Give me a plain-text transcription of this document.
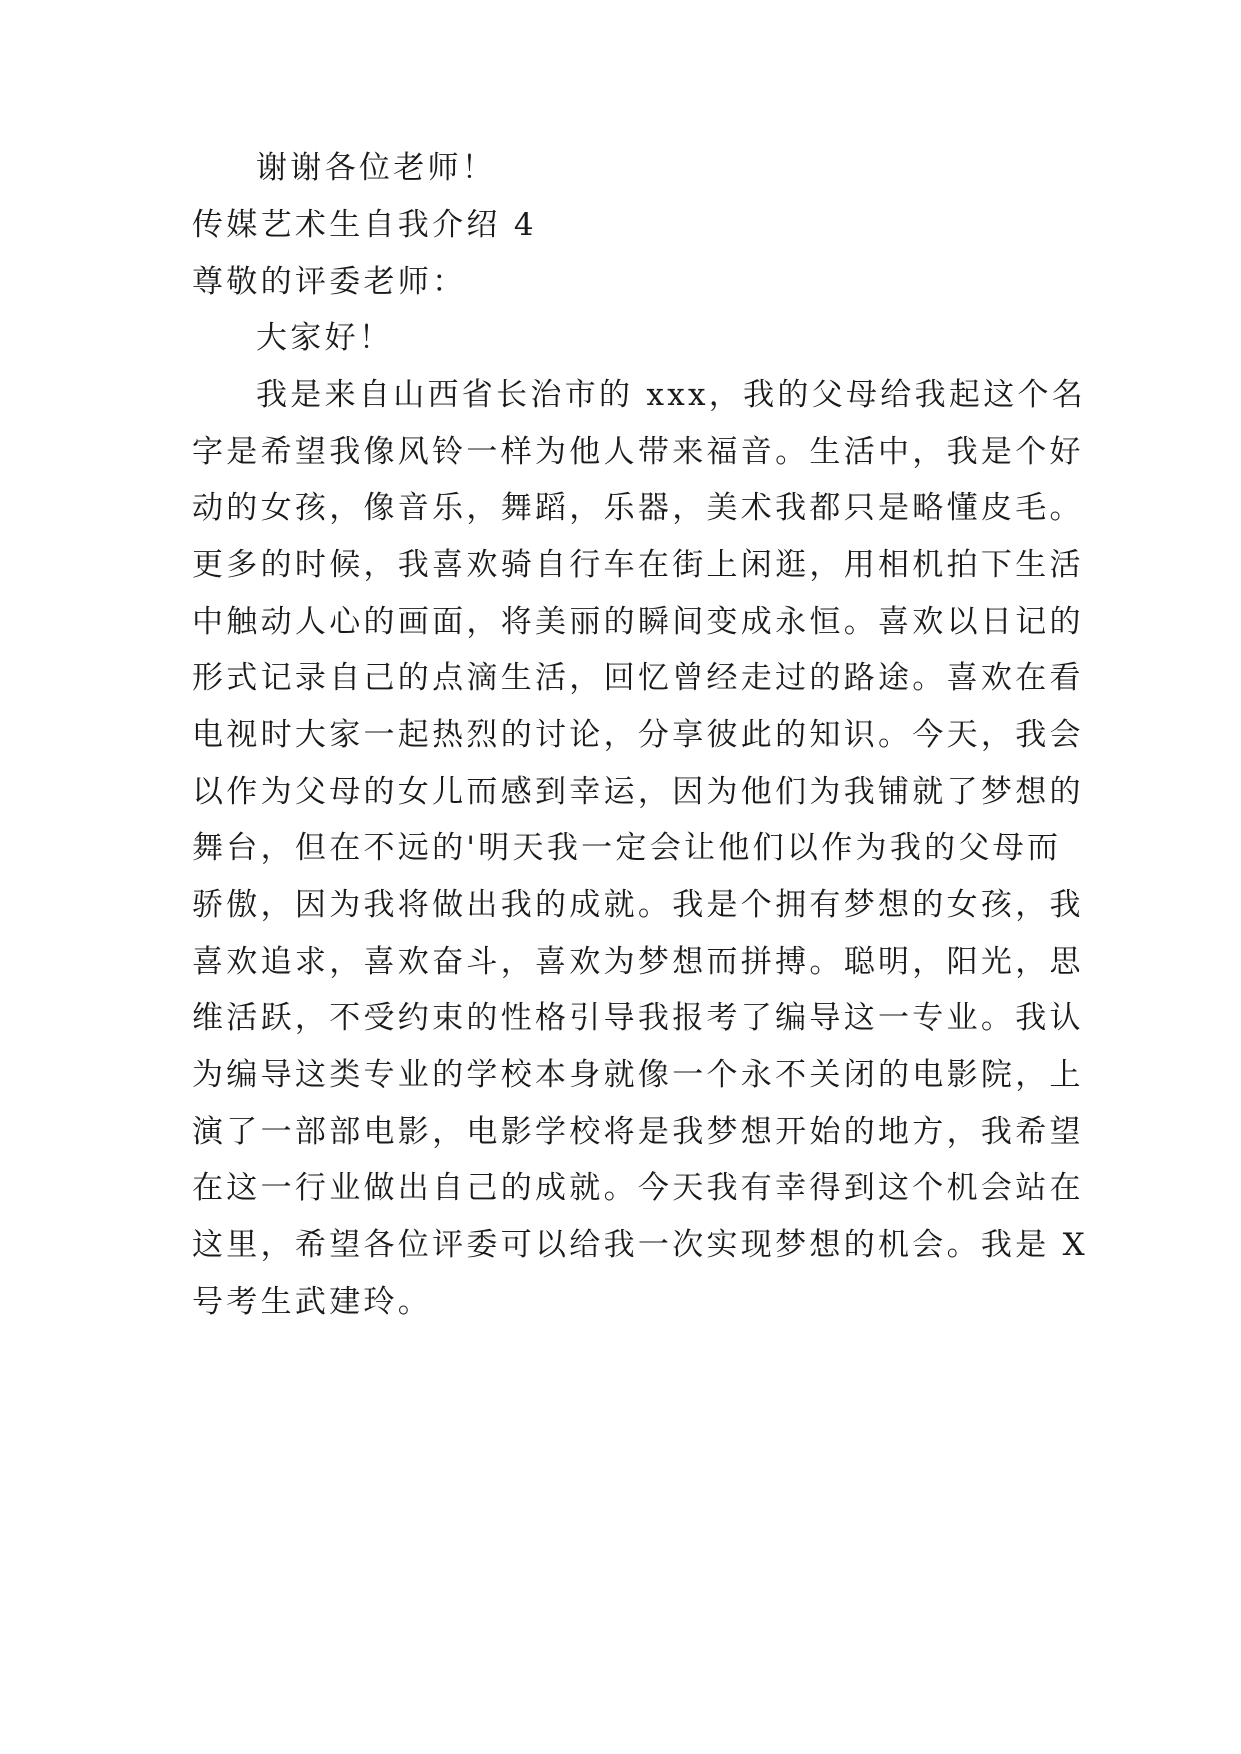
谢谢各位老师！
传媒艺术生自我介绍 4
尊敬的评委老师：
大家好！
我是来自山西省长治市的 xxx，我的父母给我起这个名
字是希望我像风铃一样为他人带来福音。生活中，我是个好
动的女孩，像音乐，舞蹈，乐器，美术我都只是略懂皮毛。
更多的时候，我喜欢骑自行车在街上闲逛，用相机拍下生活
中触动人心的画面，将美丽的瞬间变成永恒。喜欢以日记的
形式记录自己的点滴生活，回忆曾经走过的路途。喜欢在看
电视时大家一起热烈的讨论，分享彼此的知识。今天，我会
以作为父母的女儿而感到幸运，因为他们为我铺就了梦想的
舞台，但在不远的'明天我一定会让他们以作为我的父母而
骄傲，因为我将做出我的成就。我是个拥有梦想的女孩，我
喜欢追求，喜欢奋斗，喜欢为梦想而拼搏。聪明，阳光，思
维活跃，不受约束的性格引导我报考了编导这一专业。我认
为编导这类专业的学校本身就像一个永不关闭的电影院，上
演了一部部电影，电影学校将是我梦想开始的地方，我希望
在这一行业做出自己的成就。今天我有幸得到这个机会站在
这里，希望各位评委可以给我一次实现梦想的机会。我是 X
号考生武建玲。
